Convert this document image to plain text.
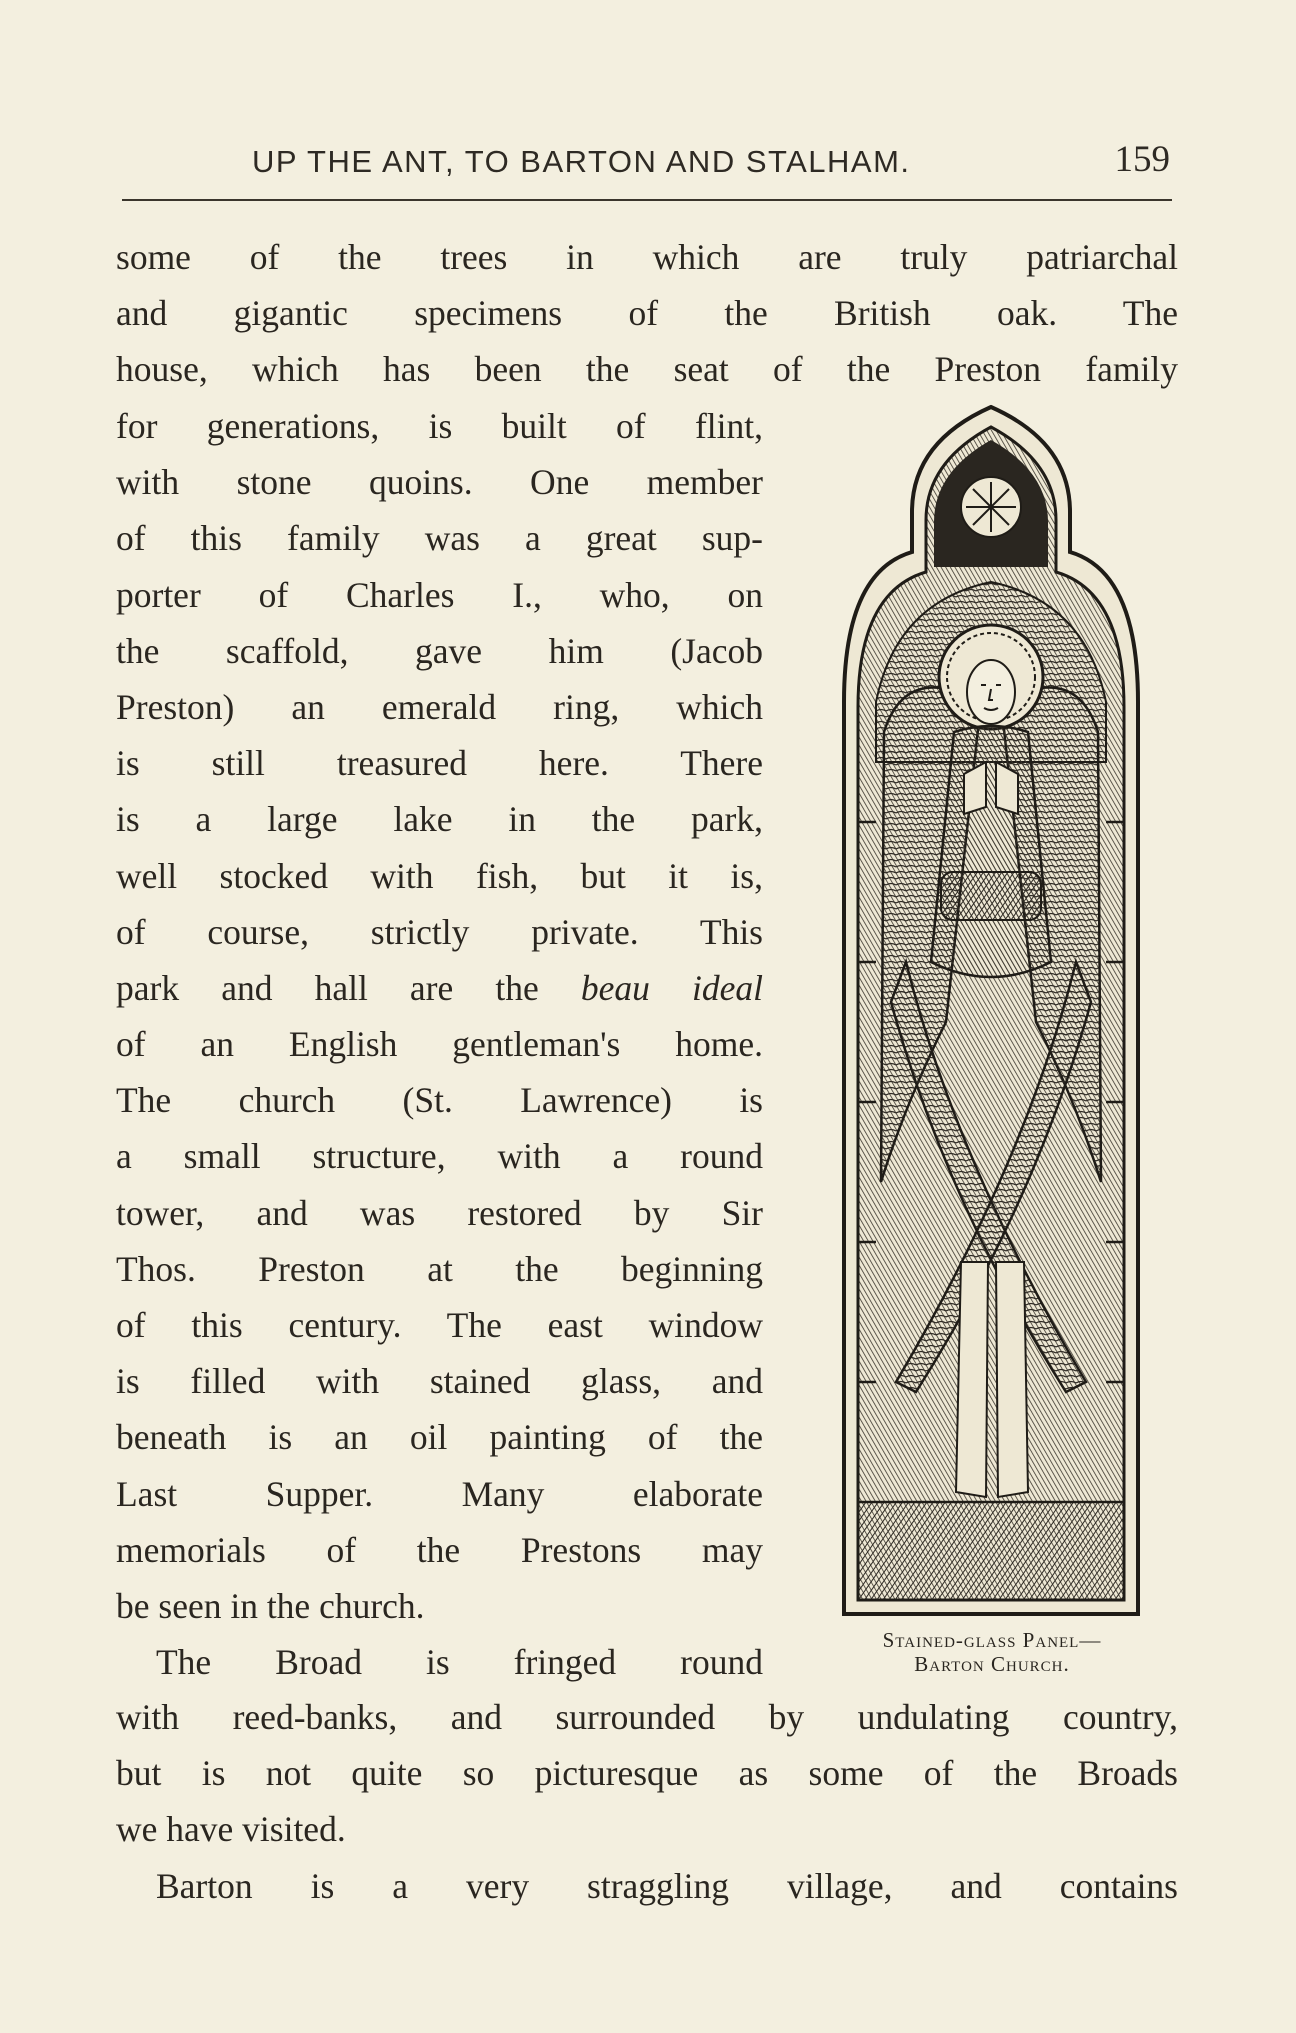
UP THE ANT, TO BARTON AND STALHAM.	159
some of the trees in which are truly patriarchal
and gigantic specimens of the British oak. The
house, which has been the seat of the Preston family
for generations, is built of flint,
with stone quoins. One member
of this family was a great sup-
porter of Charles I., who, on
the scaffold, gave him (Jacob
Preston) an emerald ring, which
is still treasured here. There
is a large lake in the park,
well stocked with fish, but it is,
of course, strictly private. This
park and hall are the beau ideal
of an English gentleman's home.
The church (St. Lawrence) is
a small structure, with a round
tower, and was restored by Sir
Thos. Preston at the beginning
of this century. The east window
is filled with stained glass, and
beneath is an oil painting of the
Last Supper. Many elaborate
memorials of the Prestons may
be seen in the church.
The Broad is fringed round
with reed-banks, and surrounded by undulating country,
but is not quite so picturesque as some of the Broads
we have visited.
Barton is a very straggling village, and contains
Stained-glass Panel—
Barton Church.
